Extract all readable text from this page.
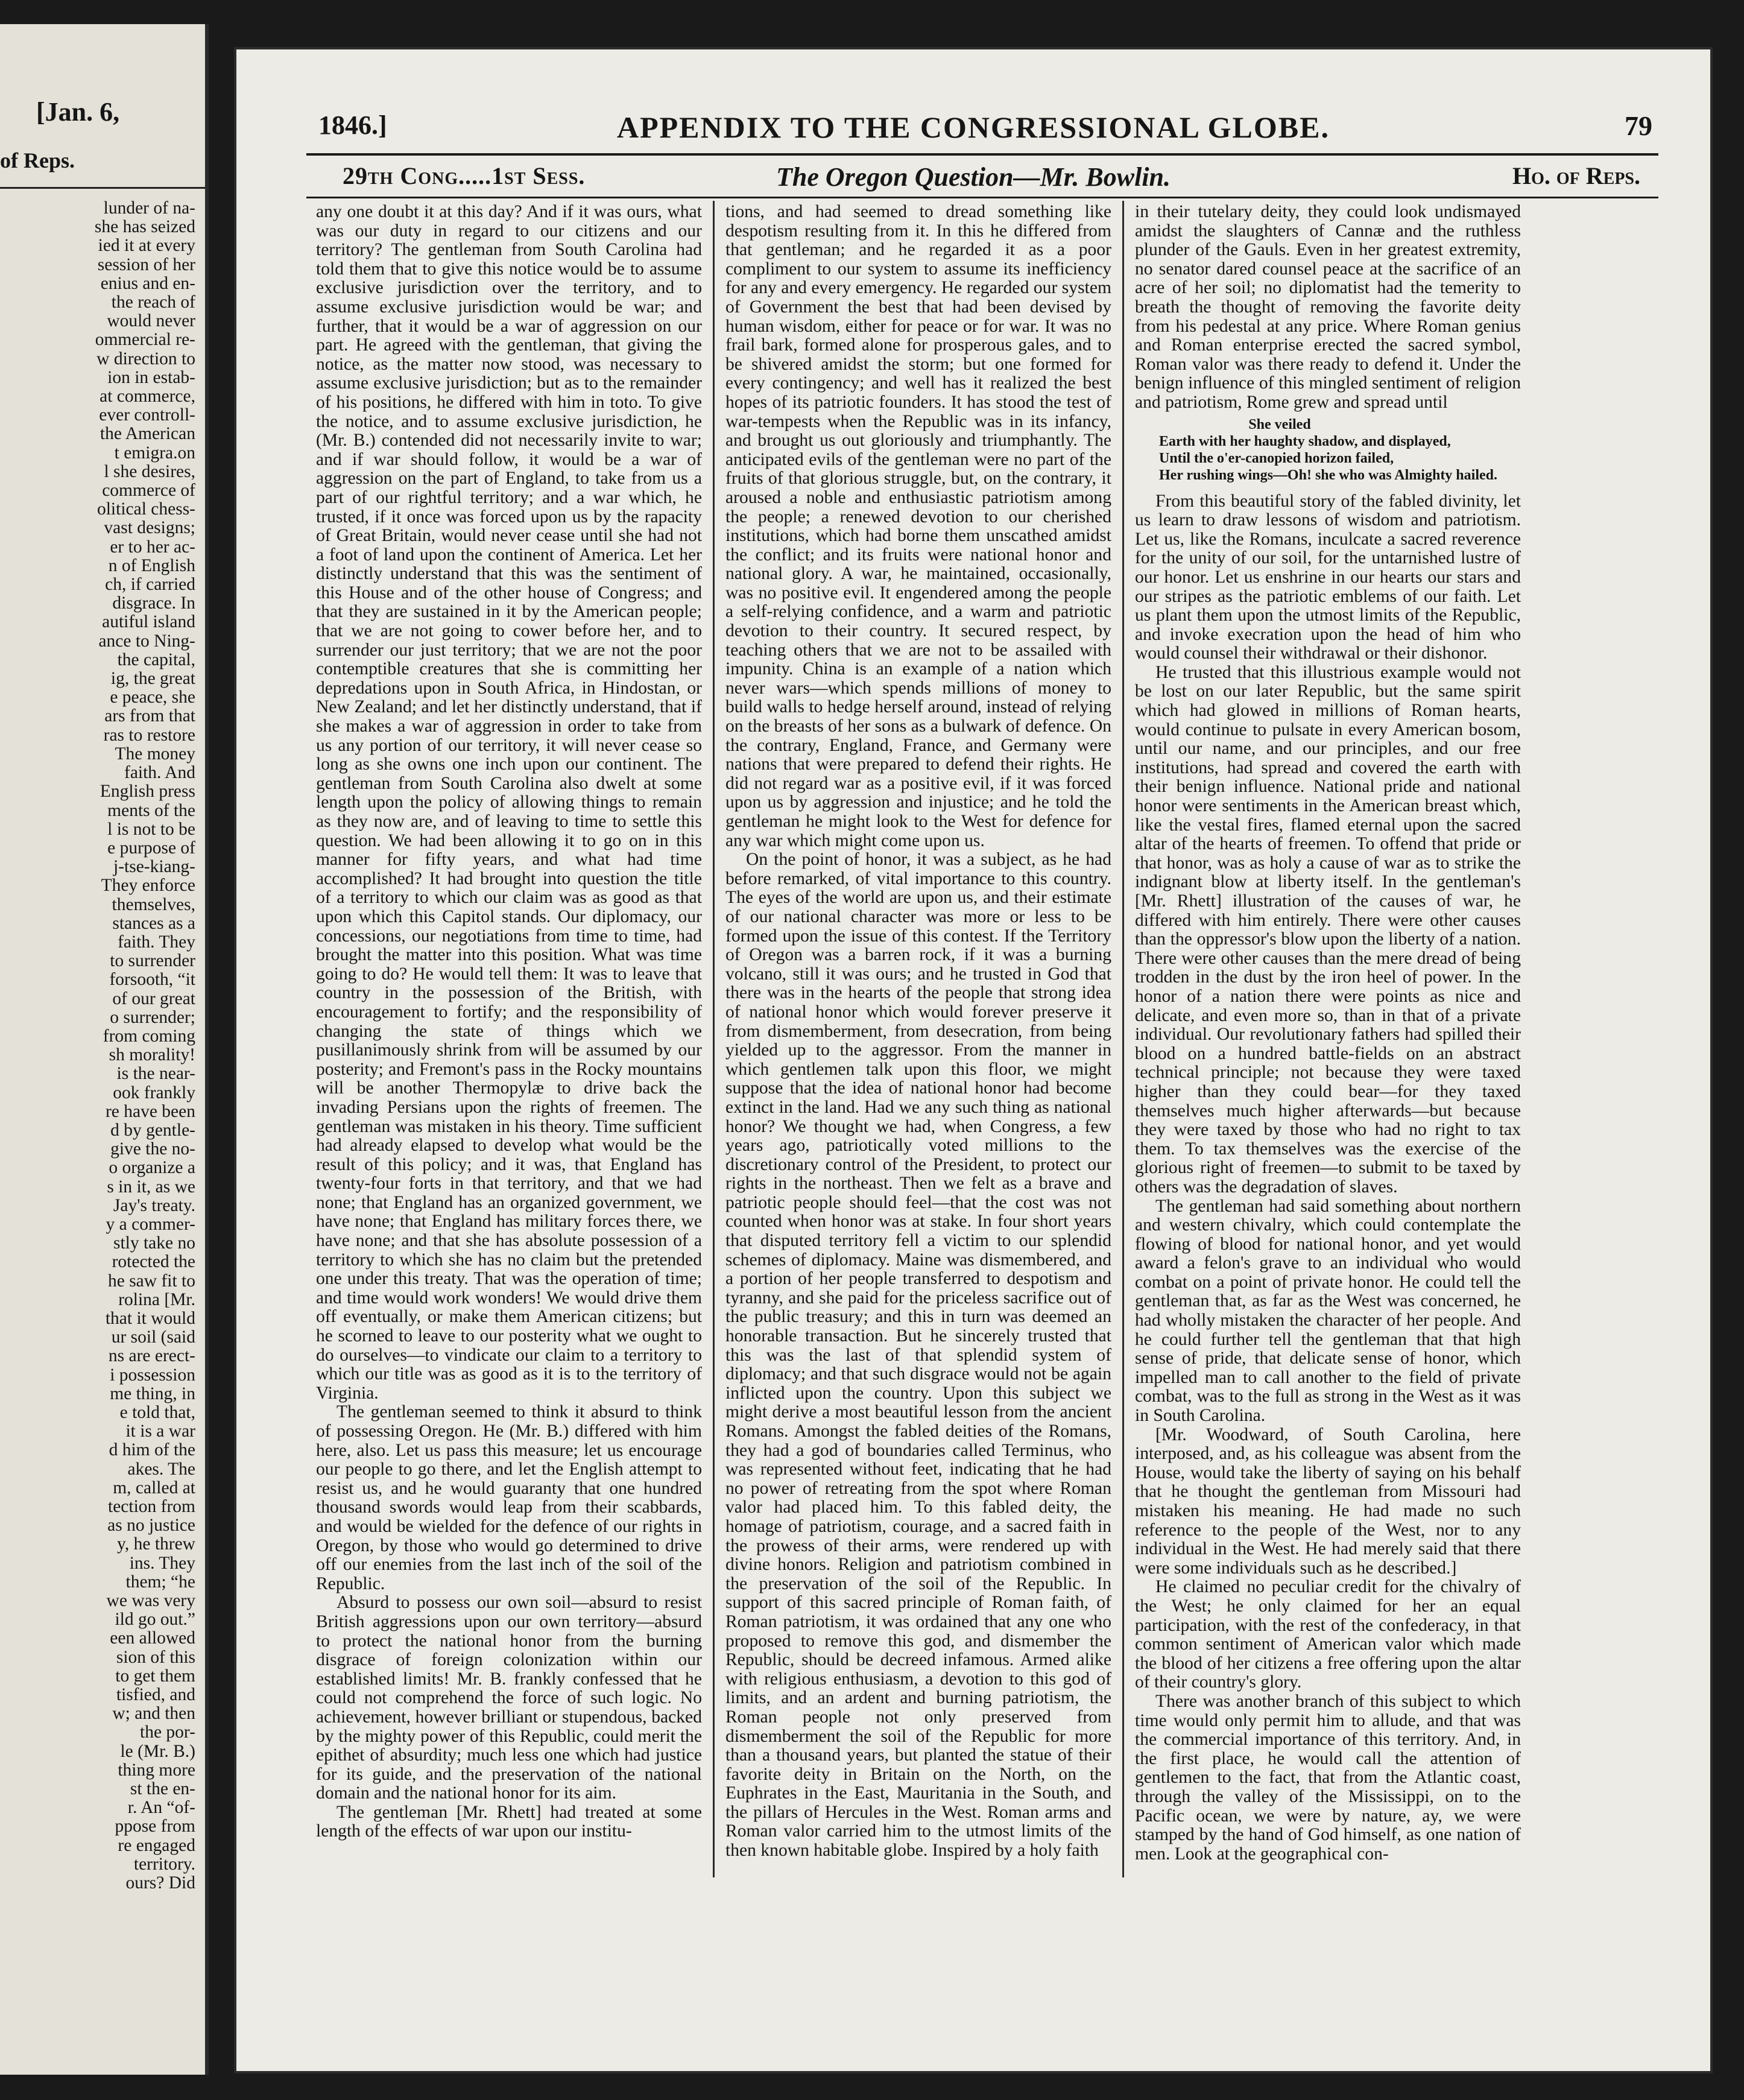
[Jan. 6,
of Reps.
lunder of na-
she has seized
ied it at every
session of her
enius and en-
the reach of
would never
ommercial re-
w direction to
ion in estab-
at commerce,
ever controll-
the American
t emigra.on
l she desires,
commerce of
olitical chess-
vast designs;
er to her ac-
n of English
ch, if carried
disgrace. In
autiful island
ance to Ning-
the capital,
ig, the great
e peace, she
ars from that
ras to restore
The money
faith. And
English press
ments of the
l is not to be
e purpose of
j-tse-kiang-
They enforce
themselves,
stances as a
faith. They
to surrender
forsooth, “it
of our great
o surrender;
from coming
sh morality!
is the near-
ook frankly
re have been
d by gentle-
give the no-
o organize a
s in it, as we
Jay's treaty.
y a commer-
stly take no
rotected the
he saw fit to
rolina [Mr.
that it would
ur soil (said
ns are erect-
i possession
me thing, in
e told that,
it is a war
d him of the
akes. The
m, called at
tection from
as no justice
y, he threw
ins. They
them; “he
we was very
ild go out.”
een allowed
sion of this
to get them
tisfied, and
w; and then
the por-
le (Mr. B.)
thing more
st the en-
r. An “of-
ppose from
re engaged
territory.
ours? Did
1846.]	APPENDIX TO THE CONGRESSIONAL GLOBE.	79
29th Cong.....1st Sess.	The Oregon Question—Mr. Bowlin.	Ho. of Reps.

any one doubt it at this day? And if it was ours, what was our duty in regard to our citizens and our territory? The gentleman from South Carolina had told them that to give this notice would be to assume exclusive jurisdiction over the territory, and to assume exclusive jurisdiction would be war; and further, that it would be a war of aggression on our part. He agreed with the gentleman, that giving the notice, as the matter now stood, was necessary to assume exclusive jurisdiction; but as to the remainder of his positions, he differed with him in toto. To give the notice, and to assume exclusive jurisdiction, he (Mr. B.) contended did not necessarily invite to war; and if war should follow, it would be a war of aggression on the part of England, to take from us a part of our rightful territory; and a war which, he trusted, if it once was forced upon us by the rapacity of Great Britain, would never cease until she had not a foot of land upon the continent of America. Let her distinctly understand that this was the sentiment of this House and of the other house of Congress; and that they are sustained in it by the American people; that we are not going to cower before her, and to surrender our just territory; that we are not the poor contemptible creatures that she is committing her depredations upon in South Africa, in Hindostan, or New Zealand; and let her distinctly understand, that if she makes a war of aggression in order to take from us any portion of our territory, it will never cease so long as she owns one inch upon our continent. The gentleman from South Carolina also dwelt at some length upon the policy of allowing things to remain as they now are, and of leaving to time to settle this question. We had been allowing it to go on in this manner for fifty years, and what had time accomplished? It had brought into question the title of a territory to which our claim was as good as that upon which this Capitol stands. Our diplomacy, our concessions, our negotiations from time to time, had brought the matter into this position. What was time going to do? He would tell them: It was to leave that country in the possession of the British, with encouragement to fortify; and the responsibility of changing the state of things which we pusillanimously shrink from will be assumed by our posterity; and Fremont's pass in the Rocky mountains will be another Thermopylæ to drive back the invading Persians upon the rights of freemen. The gentleman was mistaken in his theory. Time sufficient had already elapsed to develop what would be the result of this policy; and it was, that England has twenty-four forts in that territory, and that we had none; that England has an organized government, we have none; that England has military forces there, we have none; and that she has absolute possession of a territory to which she has no claim but the pretended one under this treaty. That was the operation of time; and time would work wonders! We would drive them off eventually, or make them American citizens; but he scorned to leave to our posterity what we ought to do ourselves—to vindicate our claim to a territory to which our title was as good as it is to the territory of Virginia.

The gentleman seemed to think it absurd to think of possessing Oregon. He (Mr. B.) differed with him here, also. Let us pass this measure; let us encourage our people to go there, and let the English attempt to resist us, and he would guaranty that one hundred thousand swords would leap from their scabbards, and would be wielded for the defence of our rights in Oregon, by those who would go determined to drive off our enemies from the last inch of the soil of the Republic.

Absurd to possess our own soil—absurd to resist British aggressions upon our own territory—absurd to protect the national honor from the burning disgrace of foreign colonization within our established limits! Mr. B. frankly confessed that he could not comprehend the force of such logic. No achievement, however brilliant or stupendous, backed by the mighty power of this Republic, could merit the epithet of absurdity; much less one which had justice for its guide, and the preservation of the national domain and the national honor for its aim.

The gentleman [Mr. Rhett] had treated at some length of the effects of war upon our institu-

tions, and had seemed to dread something like despotism resulting from it. In this he differed from that gentleman; and he regarded it as a poor compliment to our system to assume its inefficiency for any and every emergency. He regarded our system of Government the best that had been devised by human wisdom, either for peace or for war. It was no frail bark, formed alone for prosperous gales, and to be shivered amidst the storm; but one formed for every contingency; and well has it realized the best hopes of its patriotic founders. It has stood the test of war-tempests when the Republic was in its infancy, and brought us out gloriously and triumphantly. The anticipated evils of the gentleman were no part of the fruits of that glorious struggle, but, on the contrary, it aroused a noble and enthusiastic patriotism among the people; a renewed devotion to our cherished institutions, which had borne them unscathed amidst the conflict; and its fruits were national honor and national glory. A war, he maintained, occasionally, was no positive evil. It engendered among the people a self-relying confidence, and a warm and patriotic devotion to their country. It secured respect, by teaching others that we are not to be assailed with impunity. China is an example of a nation which never wars—which spends millions of money to build walls to hedge herself around, instead of relying on the breasts of her sons as a bulwark of defence. On the contrary, England, France, and Germany were nations that were prepared to defend their rights. He did not regard war as a positive evil, if it was forced upon us by aggression and injustice; and he told the gentleman he might look to the West for defence for any war which might come upon us.

On the point of honor, it was a subject, as he had before remarked, of vital importance to this country. The eyes of the world are upon us, and their estimate of our national character was more or less to be formed upon the issue of this contest. If the Territory of Oregon was a barren rock, if it was a burning volcano, still it was ours; and he trusted in God that there was in the hearts of the people that strong idea of national honor which would forever preserve it from dismemberment, from desecration, from being yielded up to the aggressor. From the manner in which gentlemen talk upon this floor, we might suppose that the idea of national honor had become extinct in the land. Had we any such thing as national honor? We thought we had, when Congress, a few years ago, patriotically voted millions to the discretionary control of the President, to protect our rights in the northeast. Then we felt as a brave and patriotic people should feel—that the cost was not counted when honor was at stake. In four short years that disputed territory fell a victim to our splendid schemes of diplomacy. Maine was dismembered, and a portion of her people transferred to despotism and tyranny, and she paid for the priceless sacrifice out of the public treasury; and this in turn was deemed an honorable transaction. But he sincerely trusted that this was the last of that splendid system of diplomacy; and that such disgrace would not be again inflicted upon the country. Upon this subject we might derive a most beautiful lesson from the ancient Romans. Amongst the fabled deities of the Romans, they had a god of boundaries called Terminus, who was represented without feet, indicating that he had no power of retreating from the spot where Roman valor had placed him. To this fabled deity, the homage of patriotism, courage, and a sacred faith in the prowess of their arms, were rendered up with divine honors. Religion and patriotism combined in the preservation of the soil of the Republic. In support of this sacred principle of Roman faith, of Roman patriotism, it was ordained that any one who proposed to remove this god, and dismember the Republic, should be decreed infamous. Armed alike with religious enthusiasm, a devotion to this god of limits, and an ardent and burning patriotism, the Roman people not only preserved from dismemberment the soil of the Republic for more than a thousand years, but planted the statue of their favorite deity in Britain on the North, on the Euphrates in the East, Mauritania in the South, and the pillars of Hercules in the West. Roman arms and Roman valor carried him to the utmost limits of the then known habitable globe. Inspired by a holy faith

in their tutelary deity, they could look undismayed amidst the slaughters of Cannæ and the ruthless plunder of the Gauls. Even in her greatest extremity, no senator dared counsel peace at the sacrifice of an acre of her soil; no diplomatist had the temerity to breath the thought of removing the favorite deity from his pedestal at any price. Where Roman genius and Roman enterprise erected the sacred symbol, Roman valor was there ready to defend it. Under the benign influence of this mingled sentiment of religion and patriotism, Rome grew and spread until

She veiled
Earth with her haughty shadow, and displayed,
Until the o'er-canopied horizon failed,
Her rushing wings—Oh! she who was Almighty hailed.

From this beautiful story of the fabled divinity, let us learn to draw lessons of wisdom and patriotism. Let us, like the Romans, inculcate a sacred reverence for the unity of our soil, for the untarnished lustre of our honor. Let us enshrine in our hearts our stars and our stripes as the patriotic emblems of our faith. Let us plant them upon the utmost limits of the Republic, and invoke execration upon the head of him who would counsel their withdrawal or their dishonor.

He trusted that this illustrious example would not be lost on our later Republic, but the same spirit which had glowed in millions of Roman hearts, would continue to pulsate in every American bosom, until our name, and our principles, and our free institutions, had spread and covered the earth with their benign influence. National pride and national honor were sentiments in the American breast which, like the vestal fires, flamed eternal upon the sacred altar of the hearts of freemen. To offend that pride or that honor, was as holy a cause of war as to strike the indignant blow at liberty itself. In the gentleman's [Mr. Rhett] illustration of the causes of war, he differed with him entirely. There were other causes than the oppressor's blow upon the liberty of a nation. There were other causes than the mere dread of being trodden in the dust by the iron heel of power. In the honor of a nation there were points as nice and delicate, and even more so, than in that of a private individual. Our revolutionary fathers had spilled their blood on a hundred battle-fields on an abstract technical principle; not because they were taxed higher than they could bear—for they taxed themselves much higher afterwards—but because they were taxed by those who had no right to tax them. To tax themselves was the exercise of the glorious right of freemen—to submit to be taxed by others was the degradation of slaves.

The gentleman had said something about northern and western chivalry, which could contemplate the flowing of blood for national honor, and yet would award a felon's grave to an individual who would combat on a point of private honor. He could tell the gentleman that, as far as the West was concerned, he had wholly mistaken the character of her people. And he could further tell the gentleman that that high sense of pride, that delicate sense of honor, which impelled man to call another to the field of private combat, was to the full as strong in the West as it was in South Carolina.

[Mr. Woodward, of South Carolina, here interposed, and, as his colleague was absent from the House, would take the liberty of saying on his behalf that he thought the gentleman from Missouri had mistaken his meaning. He had made no such reference to the people of the West, nor to any individual in the West. He had merely said that there were some individuals such as he described.]

He claimed no peculiar credit for the chivalry of the West; he only claimed for her an equal participation, with the rest of the confederacy, in that common sentiment of American valor which made the blood of her citizens a free offering upon the altar of their country's glory.

There was another branch of this subject to which time would only permit him to allude, and that was the commercial importance of this territory. And, in the first place, he would call the attention of gentlemen to the fact, that from the Atlantic coast, through the valley of the Mississippi, on to the Pacific ocean, we were by nature, ay, we were stamped by the hand of God himself, as one nation of men. Look at the geographical con-
